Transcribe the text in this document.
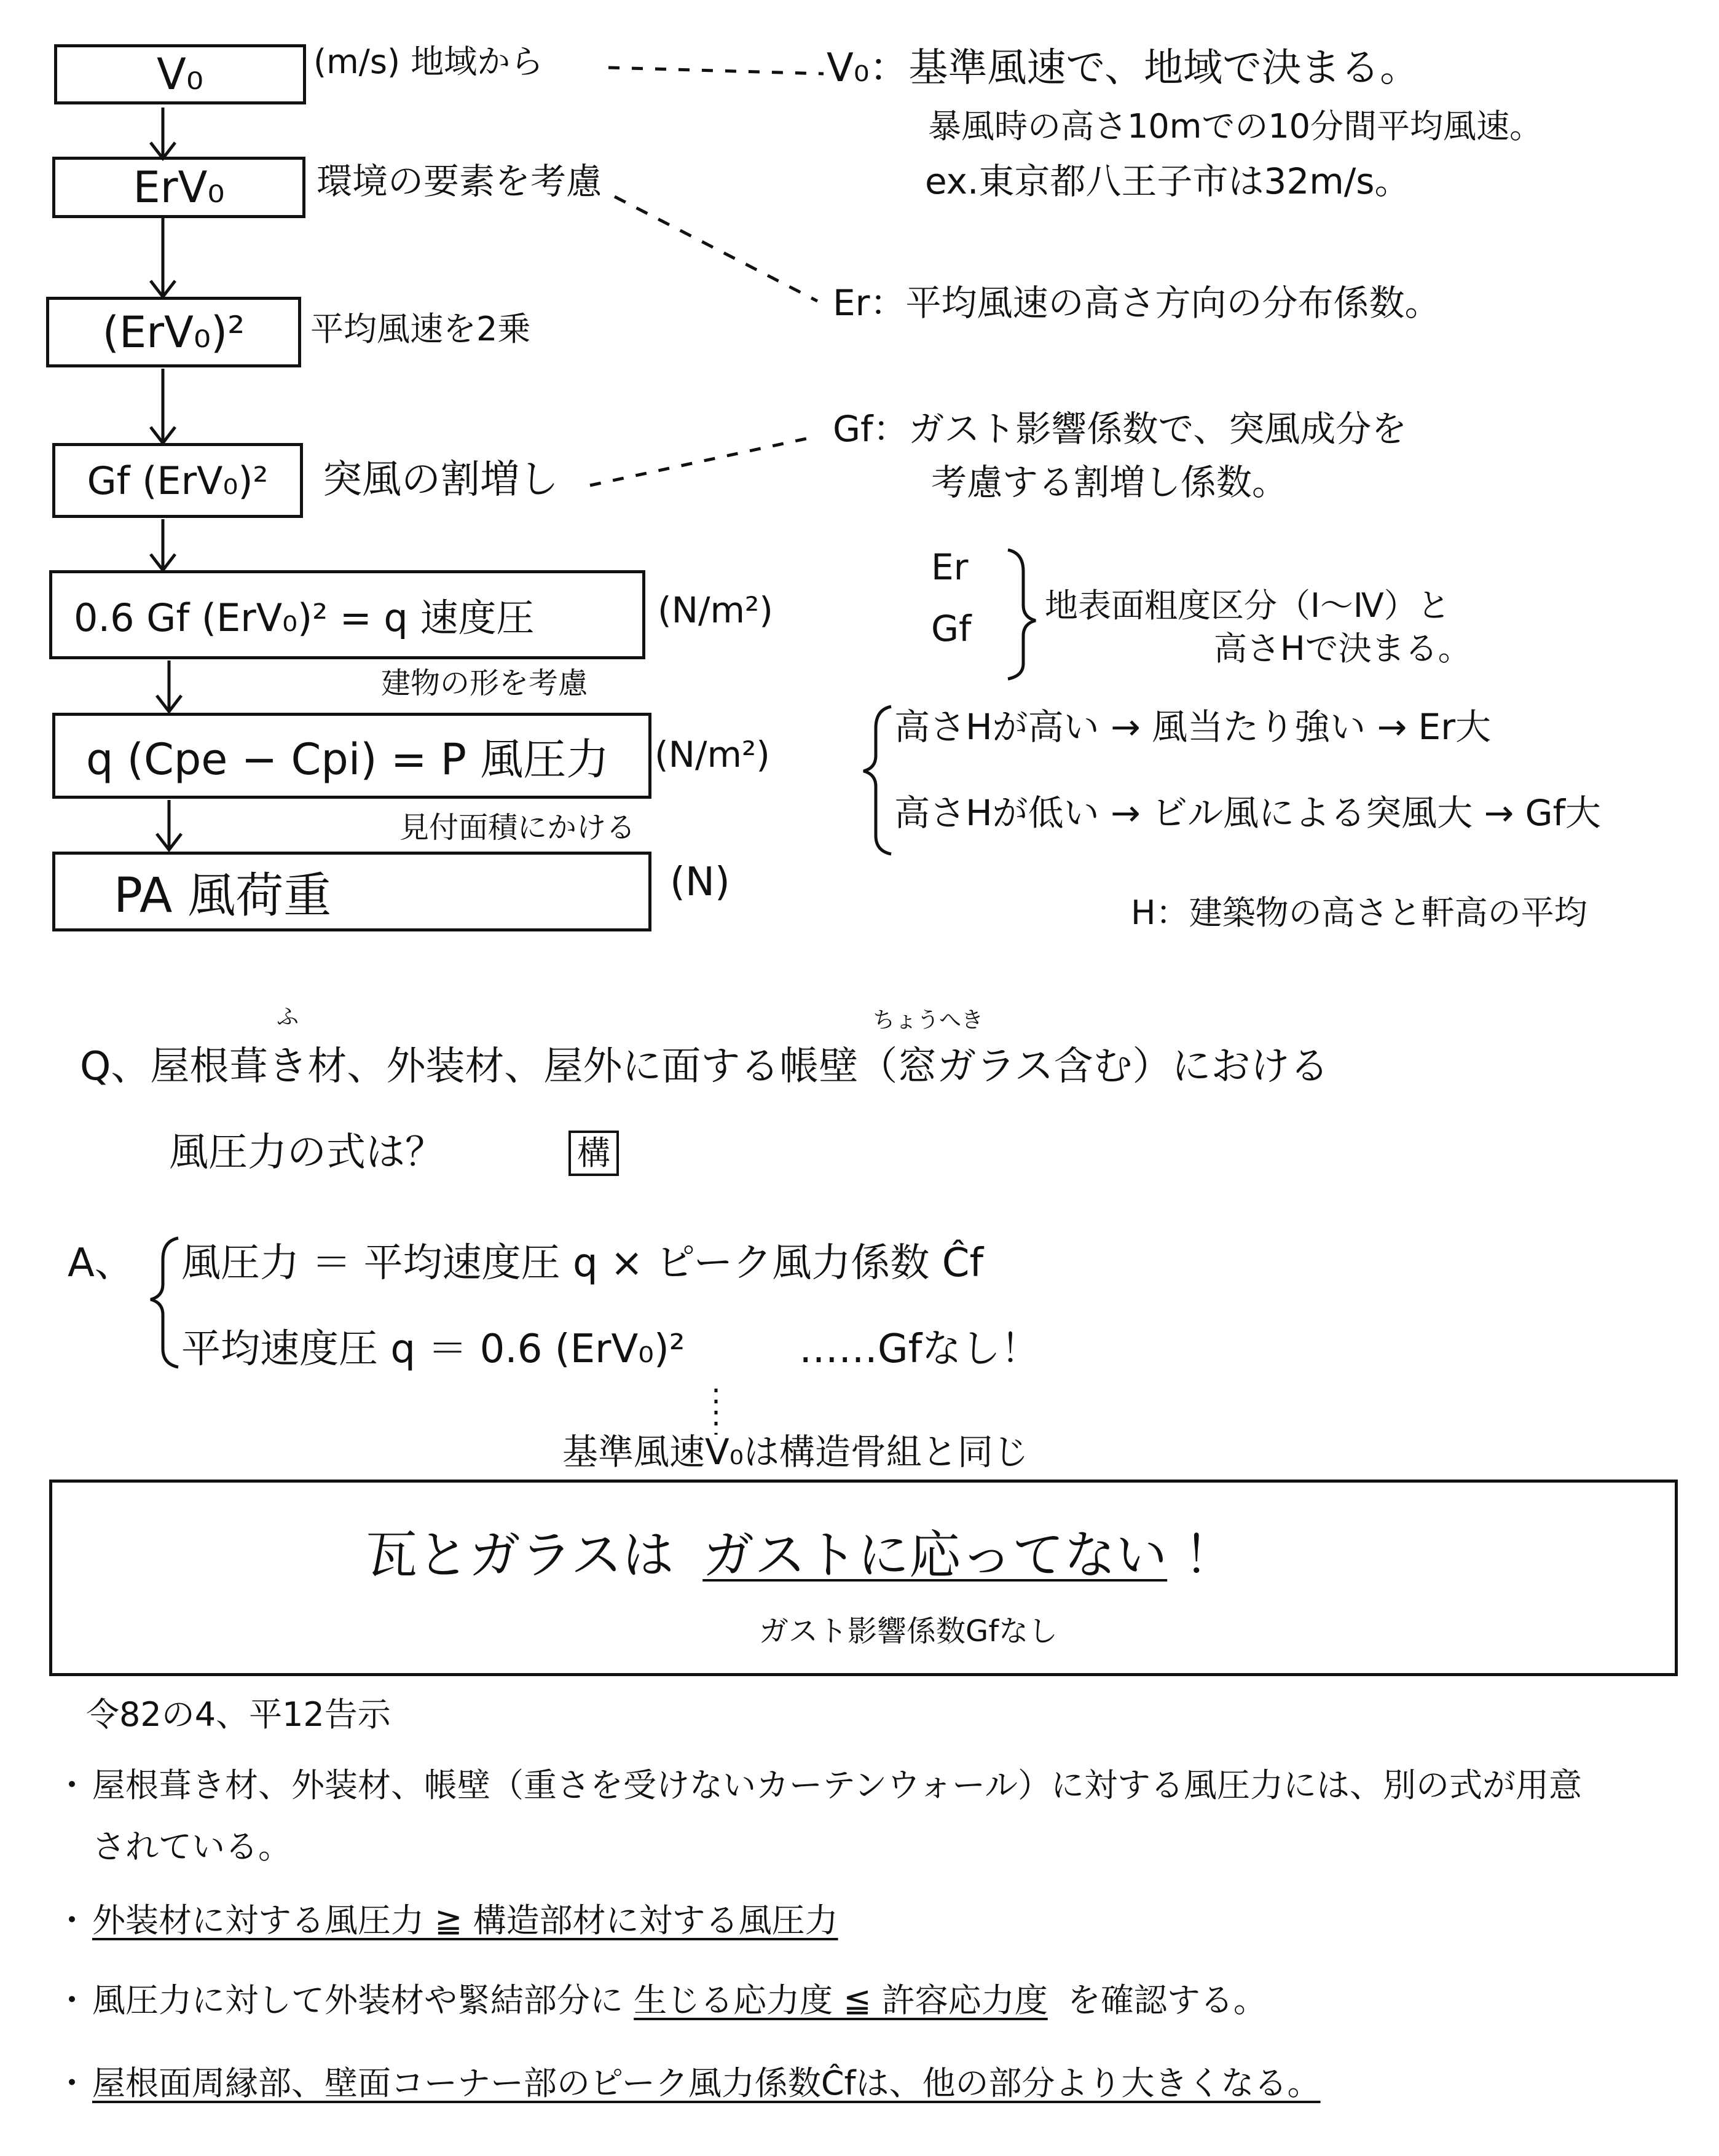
V₀	(m/s) 地域から
ErV₀	環境の要素を考慮
(ErV₀)² 平均風速を2乗
Gf (ErV₀)² 突風の割増し
0.6 Gf (ErV₀)² = q 速度圧	(N/m²)
建物の形を考慮
q (Cpe − Cpi) = P 風圧力 (N/m²)
見付面積にかける
PA 風荷重	(N)
V₀：基準風速で、地域で決まる。
暴風時の高さ10mでの10分間平均風速。
ex.東京都八王子市は32m/s。
Er：平均風速の高さ方向の分布係数。
Gf：ガスト影響係数で、突風成分を
考慮する割増し係数。
Er
Gf
地表面粗度区分（Ⅰ〜Ⅳ）と
高さHで決まる。
高さHが高い → 風当たり強い → Er大
高さHが低い → ビル風による突風大 → Gf大
H：建築物の高さと軒高の平均
ふ	ちょうへき
Q、屋根葺き材、外装材、屋外に面する帳壁（窓ガラス含む）における
風圧力の式は？	構
A、 風圧力 ＝ 平均速度圧 q × ピーク風力係数 Ĉf
平均速度圧 q ＝ 0.6 (ErV₀)²	……Gfなし！
基準風速V₀は構造骨組と同じ
瓦とガラスは ガストに応ってない ！
ガスト影響係数Gfなし
令82の4、平12告示
・ 屋根葺き材、外装材、帳壁（重さを受けないカーテンウォール）に対する風圧力には、別の式が用意
されている。
・ 外装材に対する風圧力 ≧ 構造部材に対する風圧力
・ 風圧力に対して外装材や緊結部分に 生じる応力度 ≦ 許容応力度 を確認する。
・ 屋根面周縁部、壁面コーナー部のピーク風力係数Ĉfは、他の部分より大きくなる。
